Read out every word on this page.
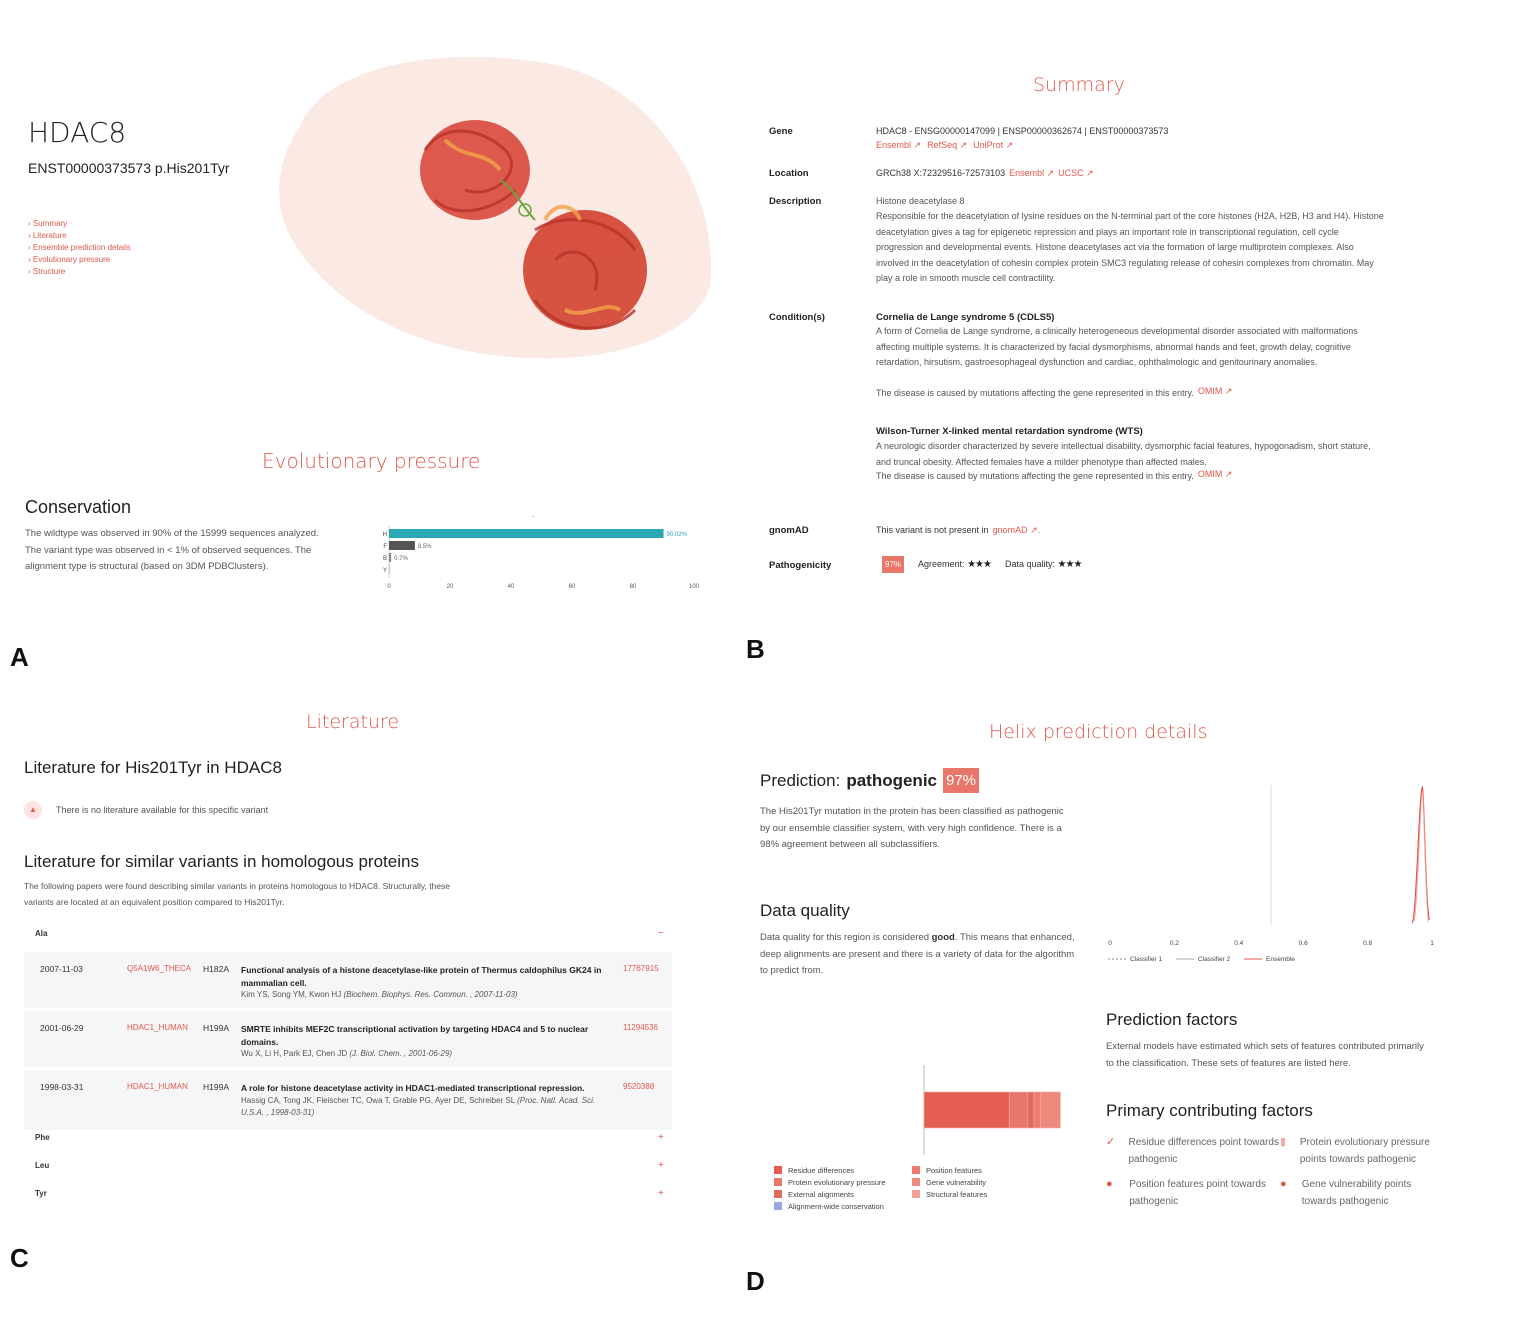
HDAC8
ENST00000373573 p.His201Tyr
› Summary
› Literature
› Ensemble prediction details
› Evolutionary pressure
› Structure
Evolutionary pressure
Conservation
The wildtype was observed in 90% of the 15999 sequences analyzed. The variant type was observed in < 1% of observed sequences. The alignment type is structural (based on 3DM PDBClusters).
.
H	90.02%
F	8.5%
B 0.7%
Y
0	20	40	60	80	100
A
Summary
Gene	HDAC8 - ENSG00000147099 | ENSP00000362674 | ENST00000373573
Ensembl ↗ RefSeq ↗ UniProt ↗
Location	GRCh38 X:72329516-72573103 Ensembl ↗ UCSC ↗
Description	Histone deacetylase 8
Responsible for the deacetylation of lysine residues on the N-terminal part of the core histones (H2A, H2B, H3 and H4). Histone deacetylation gives a tag for epigenetic repression and plays an important role in transcriptional regulation, cell cycle progression and developmental events. Histone deacetylases act via the formation of large multiprotein complexes. Also involved in the deacetylation of cohesin complex protein SMC3 regulating release of cohesin complexes from chromatin. May play a role in smooth muscle cell contractility.
Condition(s)	Cornelia de Lange syndrome 5 (CDLS5)
A form of Cornelia de Lange syndrome, a clinically heterogeneous developmental disorder associated with malformations affecting multiple systems. It is characterized by facial dysmorphisms, abnormal hands and feet, growth delay, cognitive retardation, hirsutism, gastroesophageal dysfunction and cardiac, ophthalmologic and genitourinary anomalies.
The disease is caused by mutations affecting the gene represented in this entry. OMIM ↗
Wilson-Turner X-linked mental retardation syndrome (WTS)
A neurologic disorder characterized by severe intellectual disability, dysmorphic facial features, hypogonadism, short stature, and truncal obesity. Affected females have a milder phenotype than affected males.
The disease is caused by mutations affecting the gene represented in this entry. OMIM ↗
gnomAD	This variant is not present in gnomAD ↗.
Pathogenicity	97%	Agreement: ★★★ Data quality: ★★★
B
Literature
Literature for His201Tyr in HDAC8
▲	There is no literature available for this specific variant
Literature for similar variants in homologous proteins
The following papers were found describing similar variants in proteins homologous to HDAC8. Structurally, these variants are located at an equivalent position compared to His201Tyr.
Ala	−
2007-11-03	Q5A1W6_THECA H182A Functional analysis of a histone deacetylase-like protein of Thermus caldophilus GK24 in mammalian cell.
Kim YS, Song YM, Kwon HJ (Biochem. Biophys. Res. Commun. , 2007-11-03)
17767915
2001-06-29	HDAC1_HUMAN H199A SMRTE inhibits MEF2C transcriptional activation by targeting HDAC4 and 5 to nuclear domains.
Wu X, Li H, Park EJ, Chen JD (J. Biol. Chem. , 2001-06-29)
11294536
1998-03-31	HDAC1_HUMAN H199A A role for histone deacetylase activity in HDAC1-mediated transcriptional repression.
Hassig CA, Tong JK, Fleischer TC, Owa T, Grable PG, Ayer DE, Schreiber SL (Proc. Natl. Acad. Sci. U.S.A. , 1998-03-31)
9520388
Phe	+
Leu	+
Tyr	+
C
Helix prediction details
Prediction: pathogenic 97%
The His201Tyr mutation in the protein has been classified as pathogenic by our ensemble classifier system, with very high confidence. There is a 98% agreement between all subclassifiers.
Data quality
Data quality for this region is considered good. This means that enhanced, deep alignments are present and there is a variety of data for the algorithm to predict from.
0	0.2	0.4	0.6	0.8	1
Classifier 1	Classifier 2	Ensemble
Residue differences	Position features
Protein evolutionary pressure	Gene vulnerability
External alignments	Structural features
Alignment-wide conservation
Prediction factors
External models have estimated which sets of features contributed primarily to the classification. These sets of features are listed here.
Primary contributing factors
✓ Residue differences point towards pathogenic
▮ Protein evolutionary pressure points towards pathogenic
●	Position features point towards pathogenic
●	Gene vulnerability points towards pathogenic
D
